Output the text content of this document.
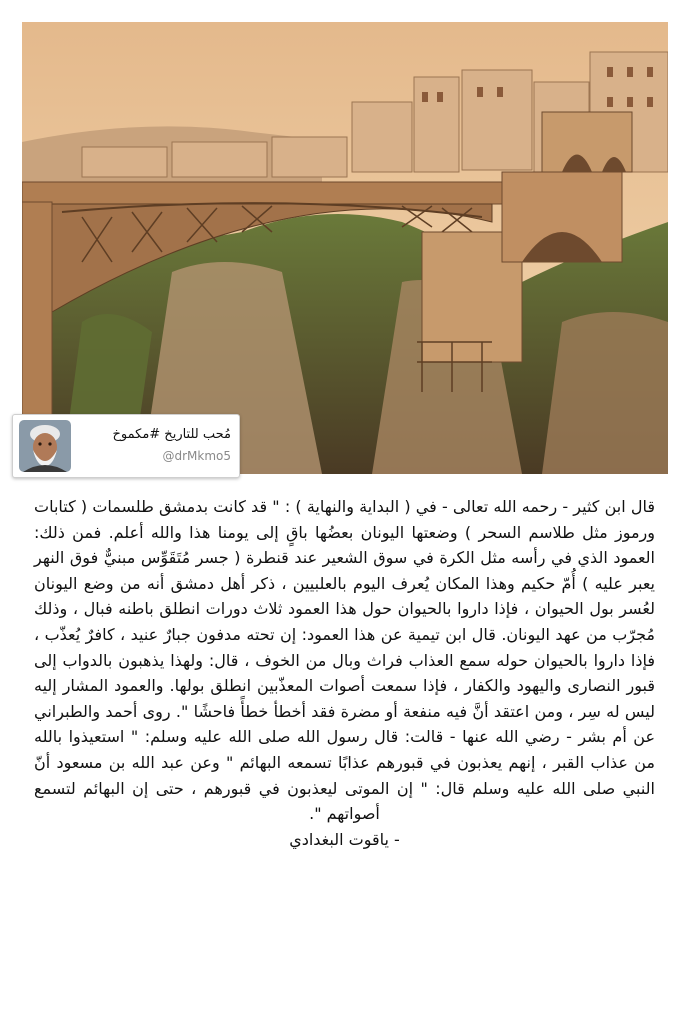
مُحب للتاريخ #مكموخ
@drMkmo5

قال ابن كثير - رحمه الله تعالى - في ( البداية والنهاية ) : " قد كانت بدمشق طلسمات ( كتابات ورموز مثل طلاسم السحر ) وضعتها اليونان بعضُها باقٍ إلى يومنا هذا والله أعلم. فمن ذلك: العمود الذي في رأسه مثل الكرة في سوق الشعير عند قنطرة ( جسر مُتَقَوِّس مبنيٌّ فوق النهر يعبر عليه ) أُمّ حكيم وهذا المكان يُعرف اليوم بالعلبيين ، ذكر أهل دمشق أنه من وضع اليونان لعُسر بول الحيوان ، فإذا داروا بالحيوان حول هذا العمود ثلاث دورات انطلق باطنه فبال ، وذلك مُجرّب من عهد اليونان. قال ابن تيمية عن هذا العمود: إن تحته مدفون جبارٌ عنيد ، كافرٌ يُعذّب ، فإذا داروا بالحيوان حوله سمع العذاب فراث وبال من الخوف ، قال: ولهذا يذهبون بالدواب إلى قبور النصارى واليهود والكفار ، فإذا سمعت أصوات المعذّبين انطلق بولها. والعمود المشار إليه ليس له سِر ، ومن اعتقد أنَّ فيه منفعة أو مضرة فقد أخطأ خطأً فاحشًا ". روى أحمد والطبراني عن أم بشر - رضي الله عنها - قالت: قال رسول الله صلى الله عليه وسلم: " استعيذوا بالله من عذاب القبر ، إنهم يعذبون في قبورهم عذابًا تسمعه البهائم " وعن عبد الله بن مسعود أنّ النبي صلى الله عليه وسلم قال: " إن الموتى ليعذبون في قبورهم ، حتى إن البهائم لتسمع أصواتهم ".

- ياقوت البغدادي
